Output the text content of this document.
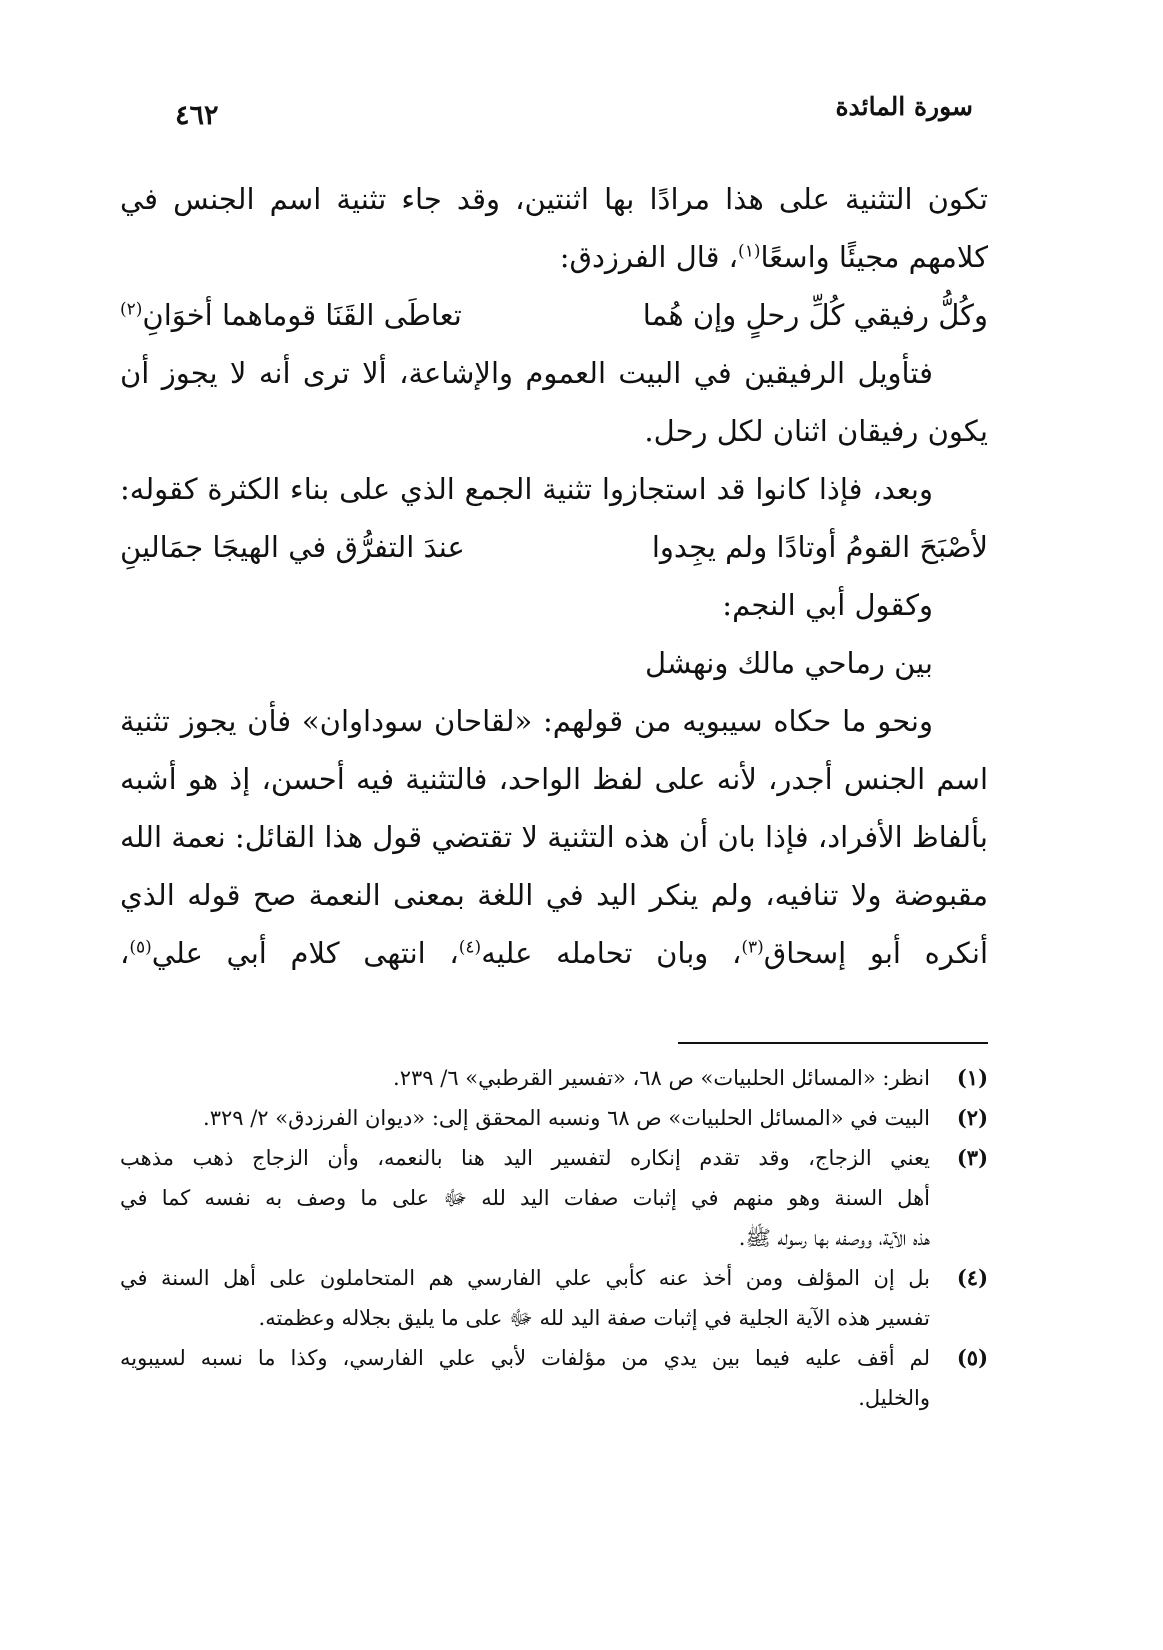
سورة المائدة
٤٦٢
تكون التثنية على هذا مرادًا بها اثنتين، وقد جاء تثنية اسم الجنس في
كلامهم مجيئًا واسعًا$^{(١)}$، قال الفرزدق:
وكُلُّ رفيقي كُلِّ رحلٍ وإن هُما
تعاطَى القَنَا قوماهما أخوَانِ$^{(٢)}$
فتأويل الرفيقين في البيت العموم والإشاعة، ألا ترى أنه لا يجوز أن
يكون رفيقان اثنان لكل رحل.
وبعد، فإذا كانوا قد استجازوا تثنية الجمع الذي على بناء الكثرة كقوله:
لأصْبَحَ القومُ أوتادًا ولم يجِدوا
عندَ التفرُّق في الهيجَا جمَالينِ
وكقول أبي النجم:
بين رماحي مالك ونهشل
ونحو ما حكاه سيبويه من قولهم: «لقاحان سوداوان» فأن يجوز تثنية
اسم الجنس أجدر، لأنه على لفظ الواحد، فالتثنية فيه أحسن، إذ هو أشبه
بألفاظ الأفراد، فإذا بان أن هذه التثنية لا تقتضي قول هذا القائل: نعمة الله
مقبوضة ولا تنافيه، ولم ينكر اليد في اللغة بمعنى النعمة صح قوله الذي
أنكره أبو إسحاق$^{(٣)}$، وبان تحامله عليه$^{(٤)}$، انتهى كلام أبي علي$^{(٥)}$،
(١)
انظر: «المسائل الحلبيات» ص ٦٨، «تفسير القرطبي» ٦/ ٢٣٩.
(٢)
البيت في «المسائل الحلبيات» ص ٦٨ ونسبه المحقق إلى: «ديوان الفرزدق» ٢/ ٣٢٩.
(٣)
يعني الزجاج، وقد تقدم إنكاره لتفسير اليد هنا بالنعمه، وأن الزجاج ذهب مذهب
أهل السنة وهو منهم في إثبات صفات اليد لله ﷻ على ما وصف به نفسه كما في
هذه الآية، ووصفه بها رسوله ﷺ.
(٤)
بل إن المؤلف ومن أخذ عنه كأبي علي الفارسي هم المتحاملون على أهل السنة في
تفسير هذه الآية الجلية في إثبات صفة اليد لله ﷻ على ما يليق بجلاله وعظمته.
(٥)
لم أقف عليه فيما بين يدي من مؤلفات لأبي علي الفارسي، وكذا ما نسبه لسيبويه
والخليل.
